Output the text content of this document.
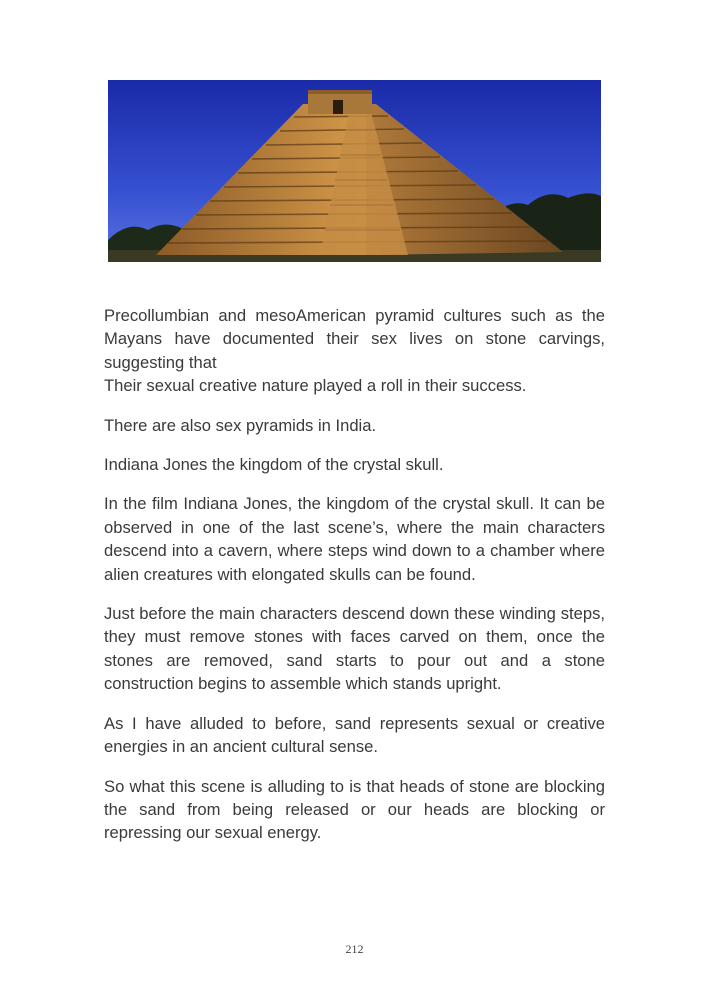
Precollumbian and mesoAmerican pyramid cultures such as the Mayans have documented their sex lives on stone carvings, suggesting that
Their sexual creative nature played a roll in their success.

There are also sex pyramids in India.

Indiana Jones the kingdom of the crystal skull.

In the film Indiana Jones, the kingdom of the crystal skull. It can be observed in one of the last scene’s, where the main characters descend into a cavern, where steps wind down to a chamber where alien creatures with elongated skulls can be found.

Just before the main characters descend down these winding steps, they must remove stones with faces carved on them, once the stones are removed, sand starts to pour out and a stone construction begins to assemble which stands upright.

As I have alluded to before, sand represents sexual or creative energies in an ancient cultural sense.

So what this scene is alluding to is that heads of stone are blocking the sand from being released or our heads are blocking or repressing our sexual energy.

212
